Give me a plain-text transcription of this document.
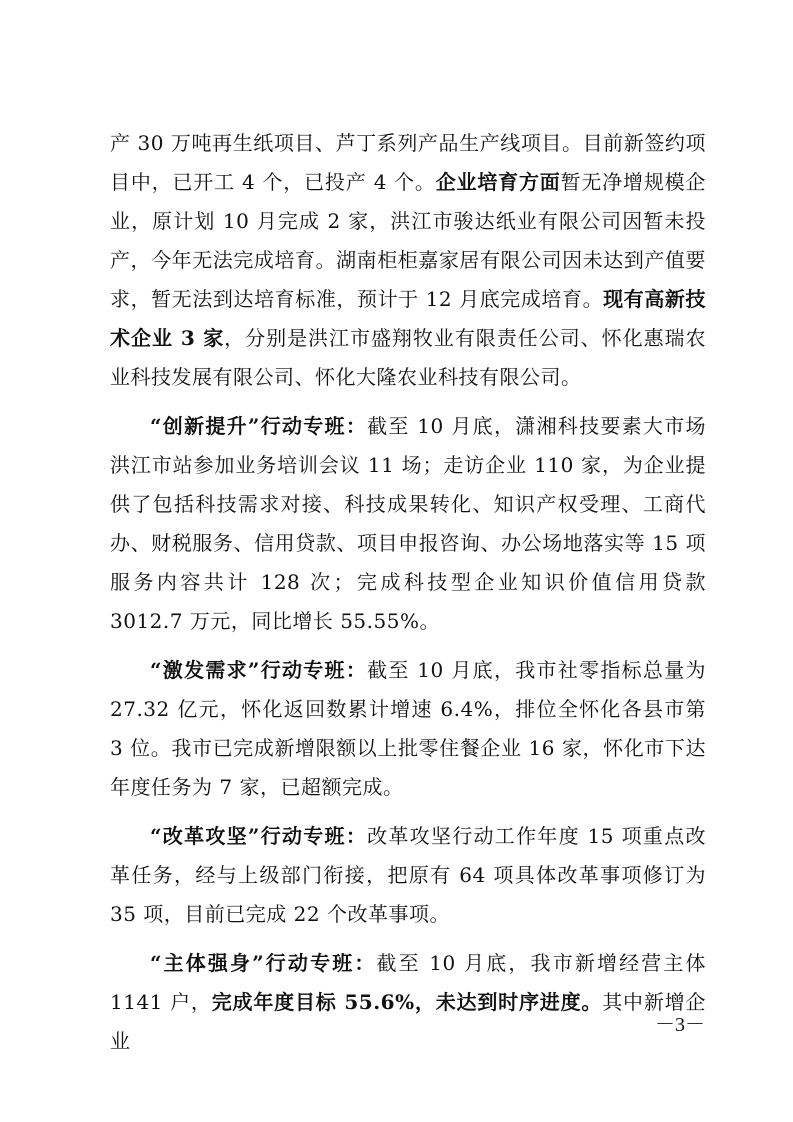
产 30 万吨再生纸项目、芦丁系列产品生产线项目。目前新签约项目中，已开工 4 个，已投产 4 个。企业培育方面暂无净增规模企业，原计划 10 月完成 2 家，洪江市骏达纸业有限公司因暂未投产，今年无法完成培育。湖南柜柜嘉家居有限公司因未达到产值要求，暂无法到达培育标准，预计于 12 月底完成培育。现有高新技术企业 3 家，分别是洪江市盛翔牧业有限责任公司、怀化惠瑞农业科技发展有限公司、怀化大隆农业科技有限公司。

“创新提升”行动专班：截至 10 月底，潇湘科技要素大市场洪江市站参加业务培训会议 11 场；走访企业 110 家，为企业提供了包括科技需求对接、科技成果转化、知识产权受理、工商代办、财税服务、信用贷款、项目申报咨询、办公场地落实等 15 项服务内容共计 128 次；完成科技型企业知识价值信用贷款 3012.7 万元，同比增长 55.55%。

“激发需求”行动专班：截至 10 月底，我市社零指标总量为 27.32 亿元，怀化返回数累计增速 6.4%，排位全怀化各县市第 3 位。我市已完成新增限额以上批零住餐企业 16 家，怀化市下达年度任务为 7 家，已超额完成。

“改革攻坚”行动专班：改革攻坚行动工作年度 15 项重点改革任务，经与上级部门衔接，把原有 64 项具体改革事项修订为 35 项，目前已完成 22 个改革事项。

“主体强身”行动专班：截至 10 月底，我市新增经营主体 1141 户，完成年度目标 55.6%，未达到时序进度。其中新增企业

－3－
